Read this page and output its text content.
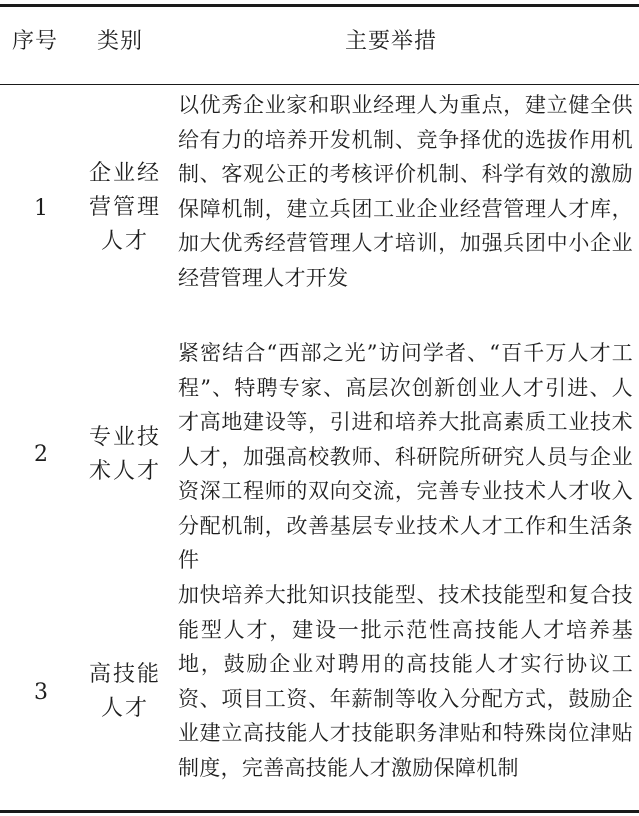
序号 类别	主要举措
1
企业经营管理人才
以优秀企业家和职业经理人为重点，建立健全供给有力的培养开发机制、竞争择优的选拔作用机制、客观公正的考核评价机制、科学有效的激励保障机制，建立兵团工业企业经营管理人才库，加大优秀经营管理人才培训，加强兵团中小企业经营管理人才开发
2
专业技术人才
紧密结合“西部之光”访问学者、“百千万人才工程”、特聘专家、高层次创新创业人才引进、人才高地建设等，引进和培养大批高素质工业技术人才，加强高校教师、科研院所研究人员与企业资深工程师的双向交流，完善专业技术人才收入分配机制，改善基层专业技术人才工作和生活条件
3
高技能人才
加快培养大批知识技能型、技术技能型和复合技能型人才，建设一批示范性高技能人才培养基地，鼓励企业对聘用的高技能人才实行协议工资、项目工资、年薪制等收入分配方式，鼓励企业建立高技能人才技能职务津贴和特殊岗位津贴制度，完善高技能人才激励保障机制
